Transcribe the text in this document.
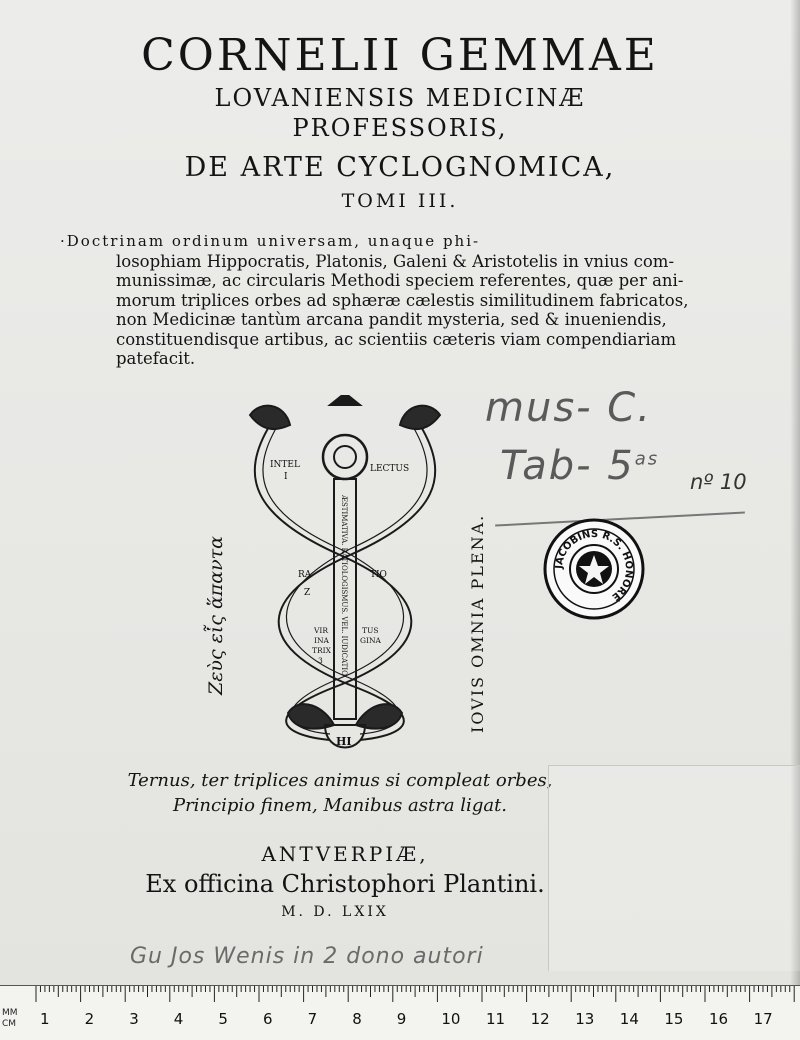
CORNELII GEMMAE
LOVANIENSIS MEDICINÆ
PROFESSORIS,
DE ARTE CYCLOGNOMICA,
TOMI III.
·Doctrinam ordinum universam, unaque phi-
losophiam Hippocratis, Platonis, Galeni & Aristotelis in vnius com-
munissimæ, ac circularis Methodi speciem referentes, quæ per ani-
morum triplices orbes ad sphæræ cælestis similitudinem fabricatos,
non Medicinæ tantùm arcana pandit mysteria, sed & inueniendis,
constituendisque artibus, ac scientiis cæteris viam compendiariam
patefacit.
INTEL
I
LECTUS
RA
Z
TIO
VIR
INA
TRIX
3
TUS
GINA
ÆSTIMATIVA. RATIOLOGISMUS. VEL. IUDICATIO
HI
Ζεὺς εἷς ἅπαντα	IOVIS OMNIA PLENA.
Ternus, ter triplices animus si compleat orbes,
Principio finem, Manibus astra ligat.
ANTVERPIÆ,
Ex officina Christophori Plantini.
M. D. LXIX
mus- C.
Tab- $5^{as}$
nº 10
Gu Jos Wenis in 2 dono autori
JACOBINS R.S. HONORÉ
1 2 3 4 5 6 7 8 9 10 11 12 13 14 15 16 17
MM
CM
